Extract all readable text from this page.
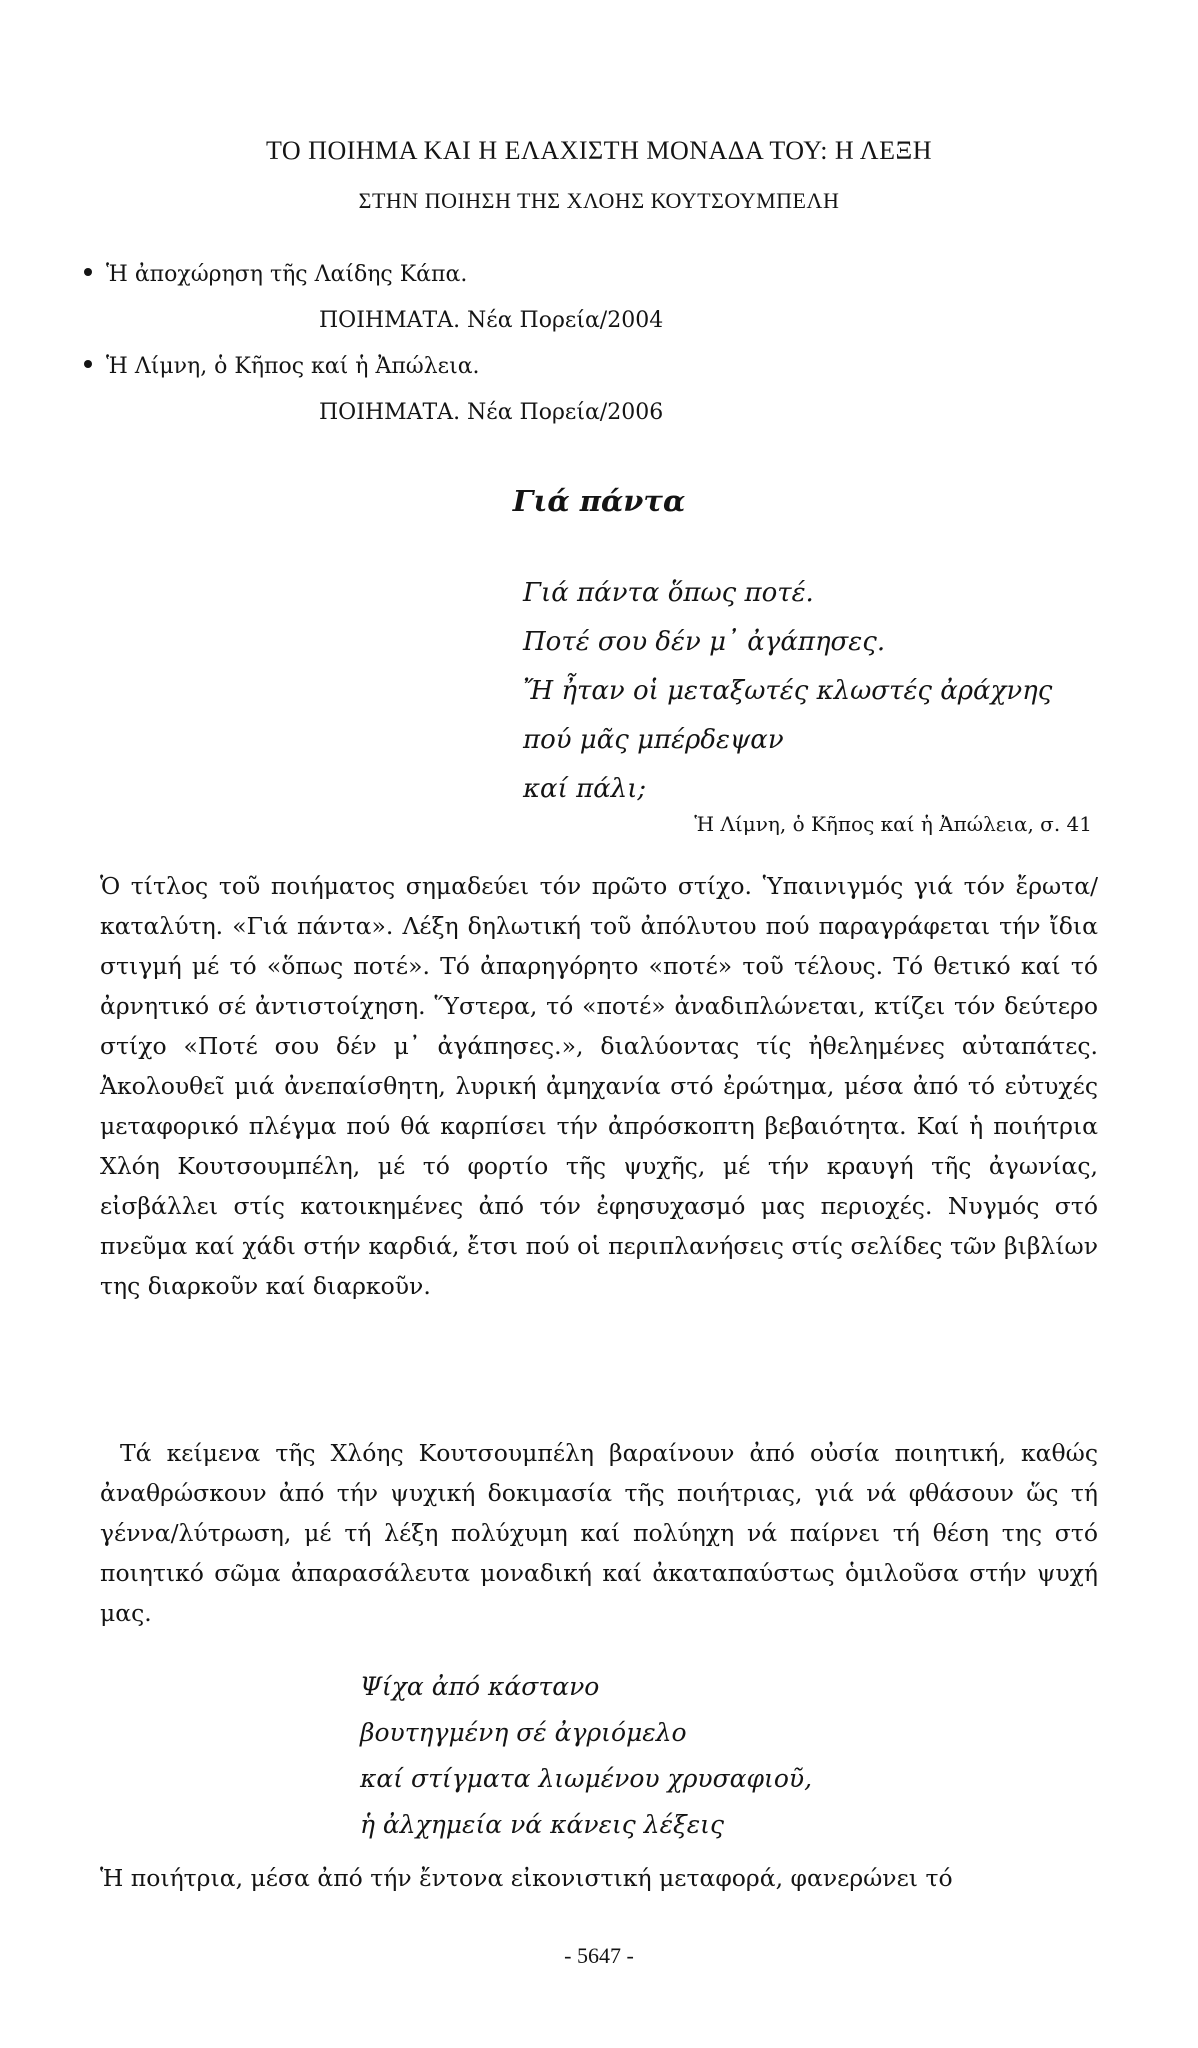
ΤΟ ΠΟΙΗΜΑ ΚΑΙ Η ΕΛΑΧΙΣΤΗ ΜΟΝΑΔΑ ΤΟΥ: Η ΛΕΞΗ
ΣΤΗΝ ΠΟΙΗΣΗ ΤΗΣ ΧΛΟΗΣ ΚΟΥΤΣΟΥΜΠΕΛΗ
Ἡ ἀποχώρηση τῆς Λαίδης Κάπα.
ΠΟΙΗΜΑΤΑ. Νέα Πορεία/2004
Ἡ Λίμνη, ὁ Κῆπος καί ἡ Ἀπώλεια.
ΠΟΙΗΜΑΤΑ. Νέα Πορεία/2006
Γιά πάντα
Γιά πάντα ὅπως ποτέ.
Ποτέ σου δέν μ᾽ ἀγάπησες.
Ἤ ἦταν οἱ μεταξωτές κλωστές ἀράχνης
πού μᾶς μπέρδεψαν
καί πάλι;
Ἡ Λίμνη, ὁ Κῆπος καί ἡ Ἀπώλεια, σ. 41
Ὁ τίτλος τοῦ ποιήματος σημαδεύει τόν πρῶτο στίχο. Ὑπαινιγμός γιά τόν ἔρωτα/καταλύτη. «Γιά πάντα». Λέξη δηλωτική τοῦ ἀπόλυτου πού παραγράφεται τήν ἴδια στιγμή μέ τό «ὅπως ποτέ». Τό ἀπαρηγόρητο «ποτέ» τοῦ τέλους. Τό θετικό καί τό ἀρνητικό σέ ἀντιστοίχηση. Ὕστερα, τό «ποτέ» ἀναδιπλώνεται, κτίζει τόν δεύτερο στίχο «Ποτέ σου δέν μ᾽ ἀγάπησες.», διαλύοντας τίς ἠθελημένες αὐταπάτες. Ἀκολουθεῖ μιά ἀνεπαίσθητη, λυρική ἀμηχανία στό ἐρώτημα, μέσα ἀπό τό εὐτυχές μεταφορικό πλέγμα πού θά καρπίσει τήν ἀπρόσκοπτη βεβαιότητα. Καί ἡ ποιήτρια Χλόη Κουτσουμπέλη, μέ τό φορτίο τῆς ψυχῆς, μέ τήν κραυγή τῆς ἀγωνίας, εἰσβάλλει στίς κατοικημένες ἀπό τόν ἐφησυχασμό μας περιοχές. Νυγμός στό πνεῦμα καί χάδι στήν καρδιά, ἔτσι πού οἱ περιπλανήσεις στίς σελίδες τῶν βιβλίων της διαρκοῦν καί διαρκοῦν.
Τά κείμενα τῆς Χλόης Κουτσουμπέλη βαραίνουν ἀπό οὐσία ποιητική, καθώς ἀναθρώσκουν ἀπό τήν ψυχική δοκιμασία τῆς ποιήτριας, γιά νά φθάσουν ὥς τή γέννα/λύτρωση, μέ τή λέξη πολύχυμη καί πολύηχη νά παίρνει τή θέση της στό ποιητικό σῶμα ἀπαρασάλευτα μοναδική καί ἀκαταπαύστως ὁμιλοῦσα στήν ψυχή μας.
Ψίχα ἀπό κάστανο
βουτηγμένη σέ ἀγριόμελο
καί στίγματα λιωμένου χρυσαφιοῦ,
ἡ ἀλχημεία νά κάνεις λέξεις
Ἡ ποιήτρια, μέσα ἀπό τήν ἔντονα εἰκονιστική μεταφορά, φανερώνει τό
- 5647 -
